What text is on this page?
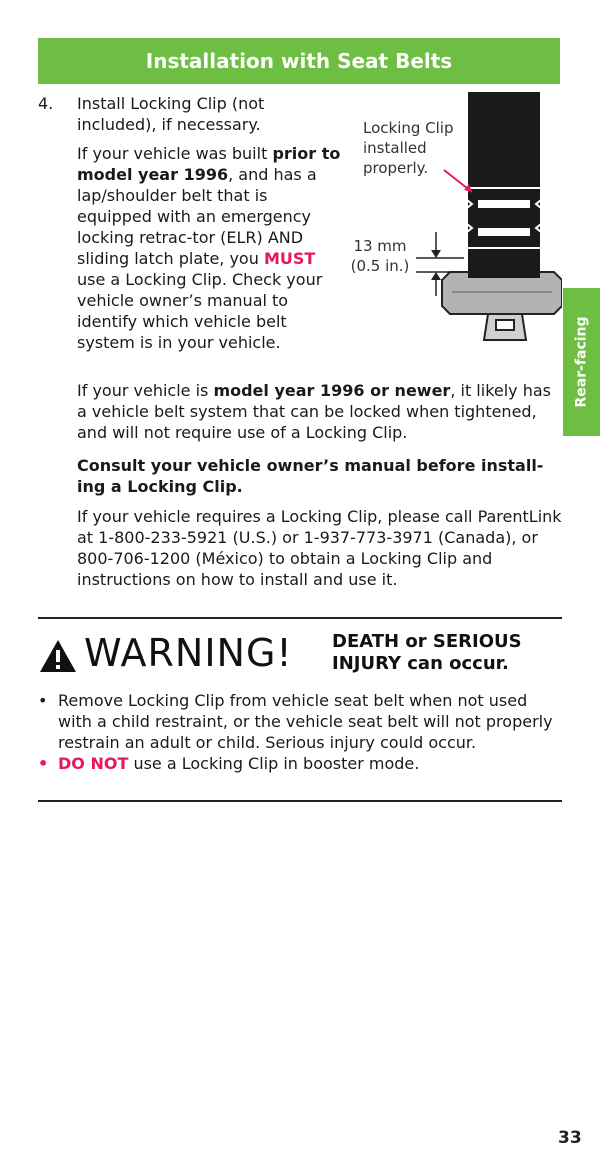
Installation with Seat Belts
Rear-facing
4. Install Locking Clip (not included), if necessary.

If your vehicle was built prior to model year 1996, and has a lap/shoulder belt that is equipped with an emergency locking retrac-tor (ELR) AND sliding latch plate, you MUST use a Locking Clip. Check your vehicle owner’s manual to identify which vehicle belt system is in your vehicle.

Locking Clip installed properly.
13 mm
(0.5 in.)

If your vehicle is model year 1996 or newer, it likely has a vehicle belt system that can be locked when tightened, and will not require use of a Locking Clip.

Consult your vehicle owner’s manual before install-ing a Locking Clip.

If your vehicle requires a Locking Clip, please call ParentLink at 1-800-233-5921 (U.S.) or 1-937-773-3971 (Canada), or 800-706-1200 (México) to obtain a Locking Clip and instructions on how to install and use it.

WARNING! DEATH or SERIOUS INJURY can occur.

• Remove Locking Clip from vehicle seat belt when not used with a child restraint, or the vehicle seat belt will not properly restrain an adult or child. Serious injury could occur.

• DO NOT use a Locking Clip in booster mode.

33
